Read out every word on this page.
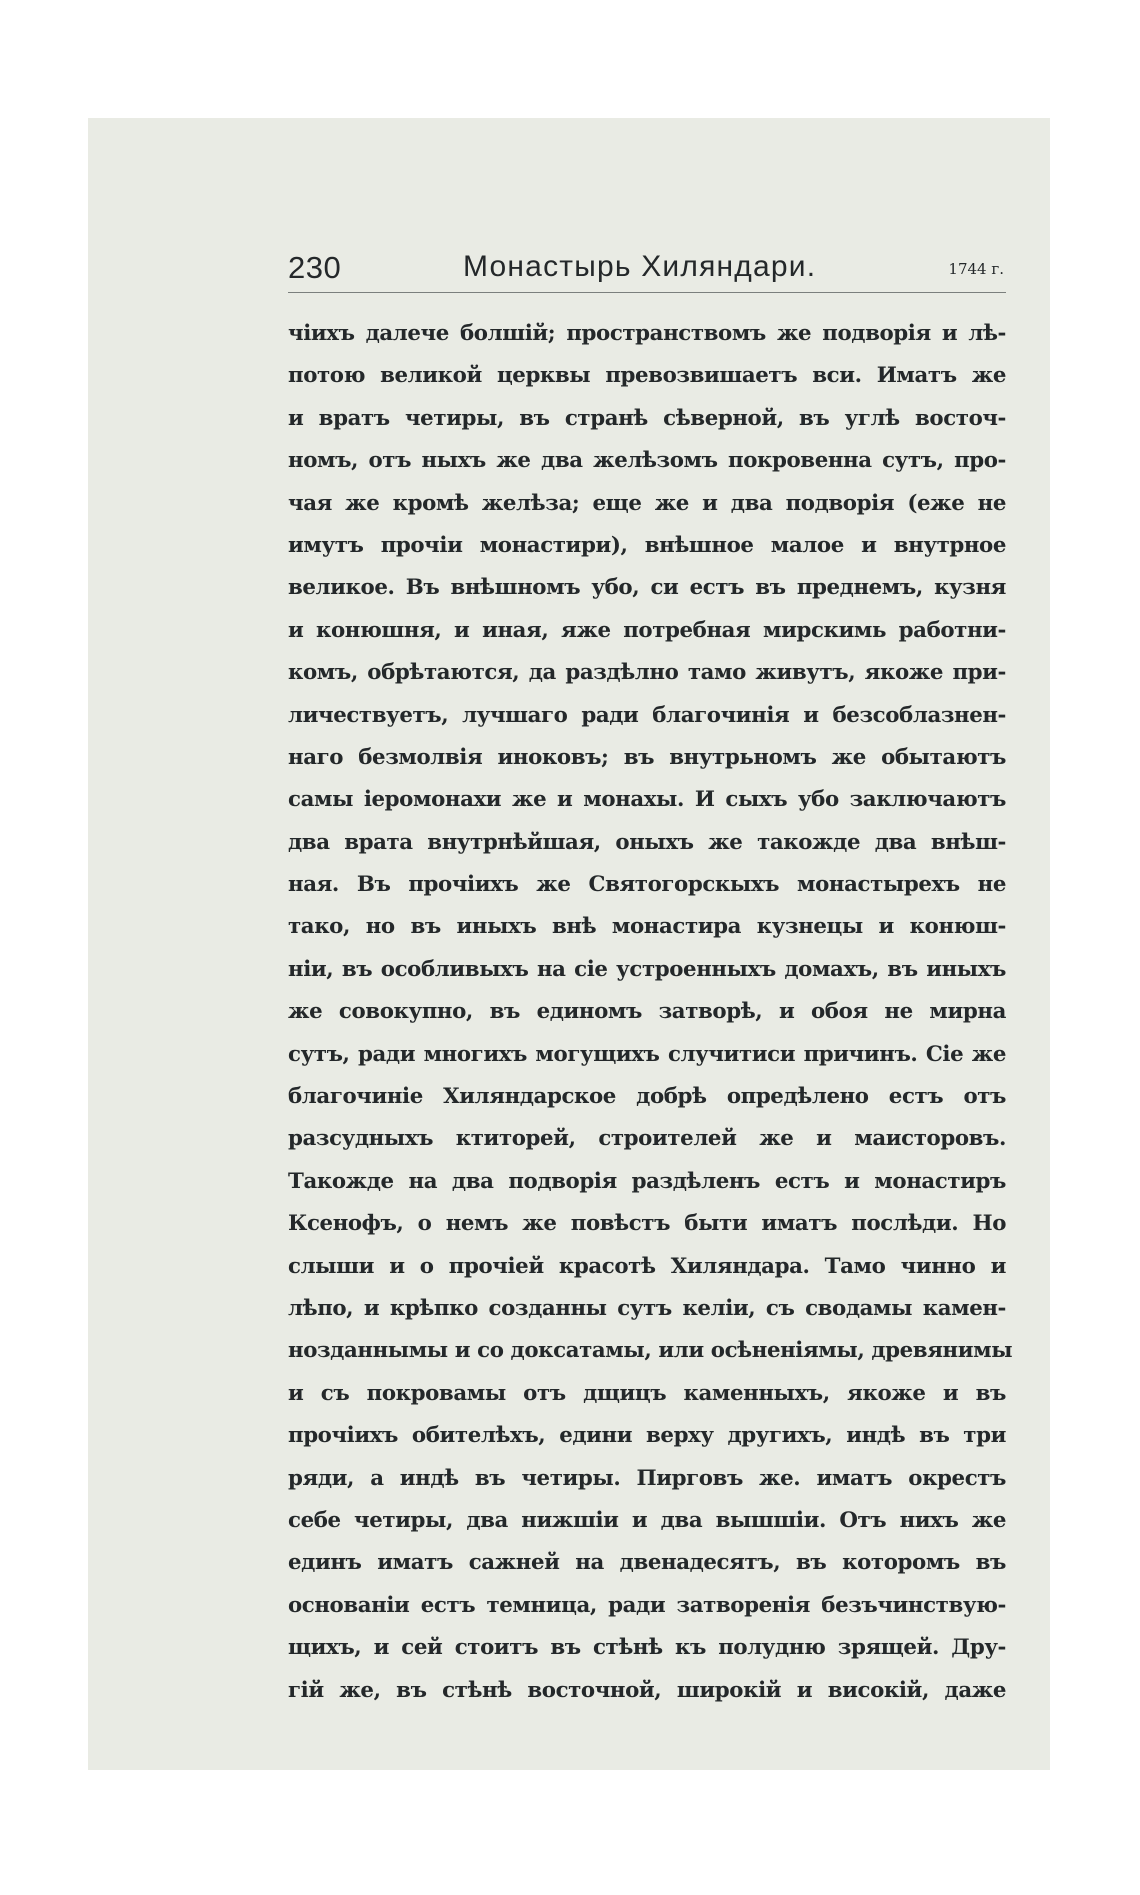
230	Монастырь Хиляндари.	1744 г.
чiихъ далече болшiй; пространствомъ же подворiя и лѣ-
потою великой церквы превозвишаетъ вси. Иматъ же
и вратъ четиры, въ странѣ сѣверной, въ углѣ восточ-
номъ, отъ ныхъ же два желѣзомъ покровенна сутъ, про-
чая же кромѣ желѣза; еще же и два подворiя (еже не
имутъ прочiи монастири), внѣшное малое и внутрное
великое. Въ внѣшномъ убо, си естъ въ преднемъ, кузня
и конюшня, и иная, яже потребная мирскимь работни-
комъ, обрѣтаются, да раздѣлно тамо живутъ, якоже при-
личествуетъ, лучшаго ради благочинiя и безсоблазнен-
наго безмолвiя иноковъ; въ внутрьномъ же обытаютъ
самы iеромонахи же и монахы. И сыхъ убо заключаютъ
два врата внутрнѣйшая, оныхъ же такожде два внѣш-
ная. Въ прочiихъ же Святогорскыхъ монастырехъ не
тако, но въ иныхъ внѣ монастира кузнецы и конюш-
нiи, въ особливыхъ на сiе устроенныхъ домахъ, въ иныхъ
же совокупно, въ единомъ затворѣ, и обоя не мирна
сутъ, ради многихъ могущихъ случитиси причинъ. Сiе же
благочинiе Хиляндарское добрѣ опредѣлено естъ отъ
разсудныхъ ктиторей, строителей же и маисторовъ.
Такожде на два подворiя раздѣленъ естъ и монастиръ
Ксенофъ, о немъ же повѣстъ быти иматъ послѣди. Но
слыши и о прочiей красотѣ Хиляндара. Тамо чинно и
лѣпо, и крѣпко созданны сутъ келiи, съ сводамы камен-
нозданнымы и со доксатамы, или осѣненiямы, древянимы
и съ покровамы отъ дщицъ каменныхъ, якоже и въ
прочiихъ обителѣхъ, едини верху другихъ, индѣ въ три
ряди, а индѣ въ четиры. Пирговъ же. иматъ окрестъ
себе четиры, два нижшiи и два вышшiи. Отъ нихъ же
единъ иматъ сажней на двенадесятъ, въ которомъ въ
основанiи естъ темница, ради затворенiя безъчинствую-
щихъ, и сей стоитъ въ стѣнѣ къ полудню зрящей. Дру-
гiй же, въ стѣнѣ восточной, широкiй и високiй, даже
